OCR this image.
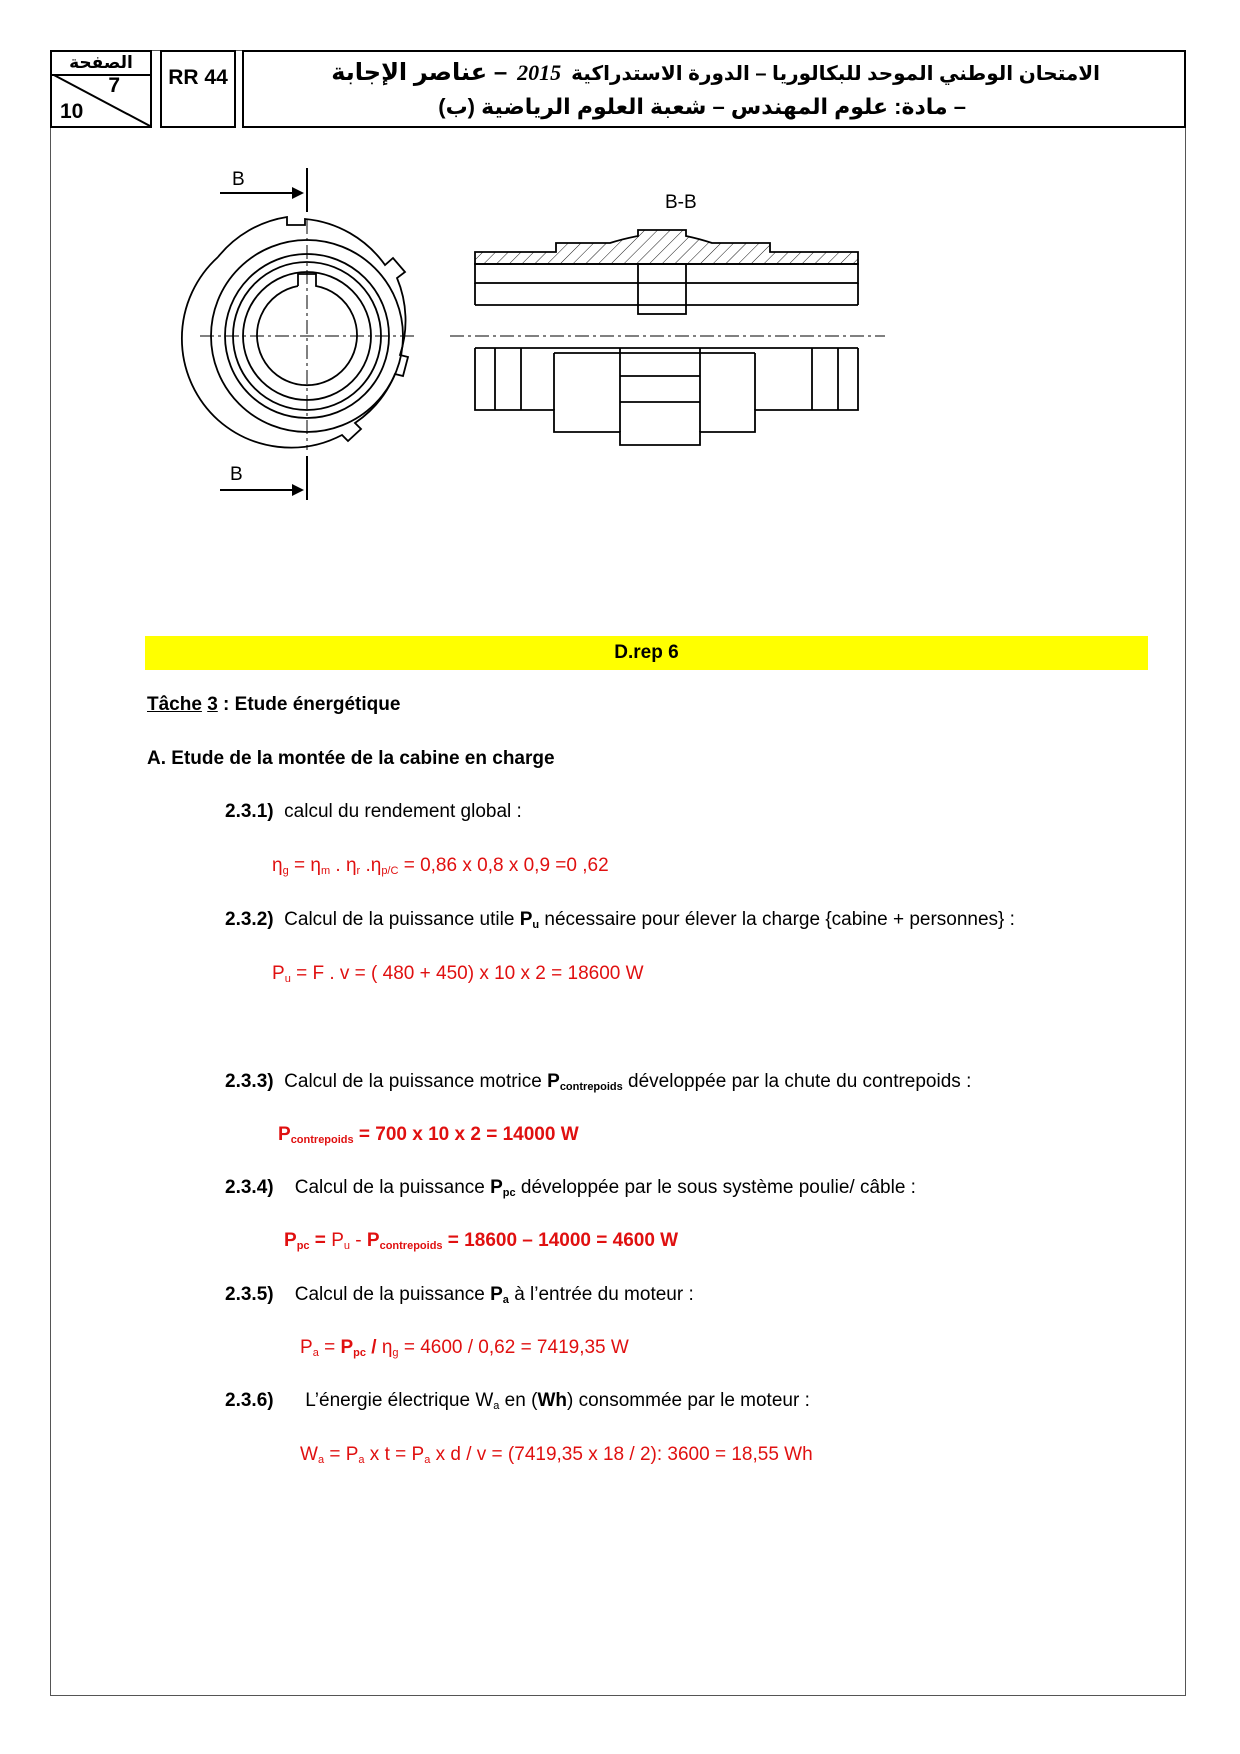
الصفحة
7
10
RR 44	الامتحان الوطني الموحد للبكالوريا – الدورة الاستدراكية2015– عناصر الإجابة
– مادة: علوم المهندس – شعبة العلوم الرياضية (ب)
B
B
B-B
D.rep 6
Tâche 3 : Etude énergétique
A. Etude de la montée de la cabine en charge
2.3.1) calcul du rendement global :
$\eta_g = \eta_m$ . $\eta_r$ $.\eta_{p/C} = 0,86$ x 0,8 x 0,9 =0 ,62
2.3.2) Calcul de la puissance utile $P_u$ nécessaire pour élever la charge {cabine + personnes} :
$P_u = F$ . v = ( 480 + 450) x 10 x 2 = 18600 W
2.3.3) Calcul de la puissance motrice $P_{contrepoids}$ développée par la chute du contrepoids :
$P_{contrepoids} = 700$ x 10 x 2 = 14000 W
2.3.4) Calcul de la puissance $P_{pc}$ développée par le sous système poulie/ câble :
$P_{pc} = P_u - P_{contrepoids} = 18600 - 14000 = 4600$ W
2.3.5) Calcul de la puissance $P_a$ à l’entrée du moteur :
$P_a = P_{pc} / \eta_g = 4600 / 0,62 = 7419,35$ W
2.3.6) L’énergie électrique $W_a$ en (Wh) consommée par le moteur :
$W_a = P_a$ x $t = P_a$ x d / v = (7419,35 x 18 / 2): 3600 = 18,55 Wh
